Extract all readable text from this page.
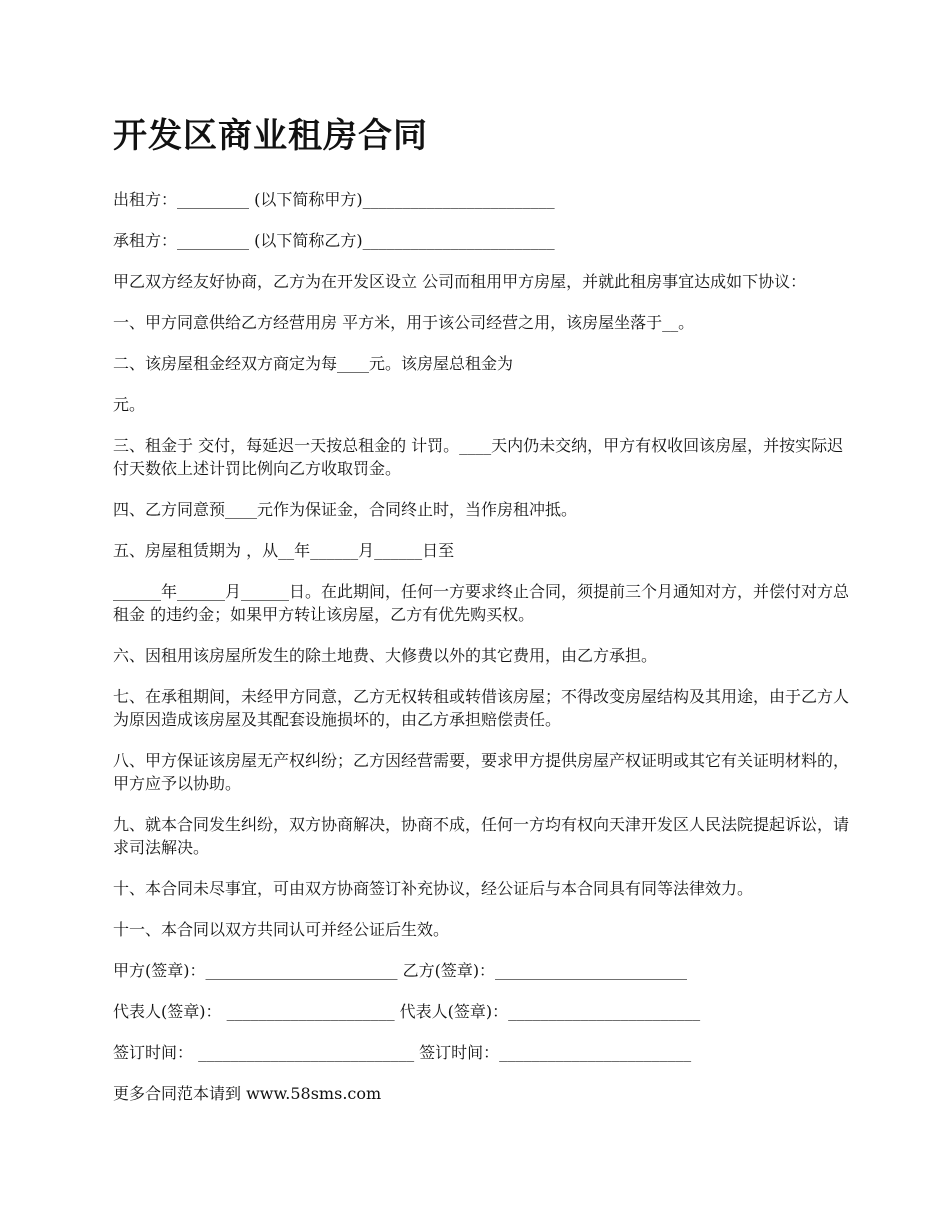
开发区商业租房合同

出租方：_________ (以下简称甲方)________________________

承租方：_________ (以下简称乙方)________________________

甲乙双方经友好协商，乙方为在开发区设立 公司而租用甲方房屋，并就此租房事宜达成如下协议：

一、甲方同意供给乙方经营用房 平方米，用于该公司经营之用，该房屋坐落于__。

二、该房屋租金经双方商定为每____元。该房屋总租金为

元。

三、租金于 交付，每延迟一天按总租金的 计罚。____天内仍未交纳，甲方有权收回该房屋，并按实际迟付天数依上述计罚比例向乙方收取罚金。

四、乙方同意预____元作为保证金，合同终止时，当作房租冲抵。

五、房屋租赁期为 ，从__年______月______日至

______年______月______日。在此期间，任何一方要求终止合同，须提前三个月通知对方，并偿付对方总租金 的违约金；如果甲方转让该房屋，乙方有优先购买权。

六、因租用该房屋所发生的除土地费、大修费以外的其它费用，由乙方承担。

七、在承租期间，未经甲方同意，乙方无权转租或转借该房屋；不得改变房屋结构及其用途，由于乙方人为原因造成该房屋及其配套设施损坏的，由乙方承担赔偿责任。

八、甲方保证该房屋无产权纠纷；乙方因经营需要，要求甲方提供房屋产权证明或其它有关证明材料的，甲方应予以协助。

九、就本合同发生纠纷，双方协商解决，协商不成，任何一方均有权向天津开发区人民法院提起诉讼，请求司法解决。

十、本合同未尽事宜，可由双方协商签订补充协议，经公证后与本合同具有同等法律效力。

十一、本合同以双方共同认可并经公证后生效。

甲方(签章)：________________________ 乙方(签章)：________________________

代表人(签章)： _____________________ 代表人(签章)：________________________

签订时间： ___________________________ 签订时间：________________________

更多合同范本请到 www.58sms.com
